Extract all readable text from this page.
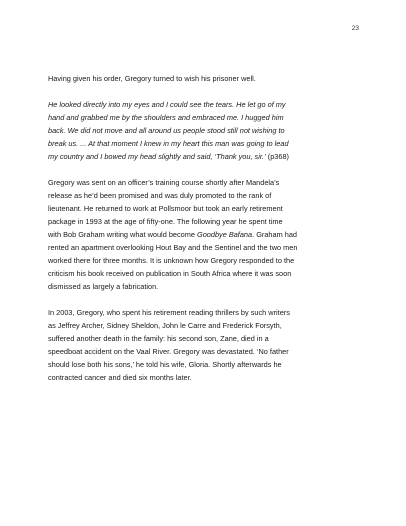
23

Having given his order, Gregory turned to wish his prisoner well.

He looked directly into my eyes and I could see the tears. He let go of my
hand and grabbed me by the shoulders and embraced me. I hugged him
back. We did not move and all around us people stood still not wishing to
break us. ... At that moment I knew in my heart this man was going to lead
my country and I bowed my head slightly and said, ‘Thank you, sir.’ (p368)

Gregory was sent on an officer’s training course shortly after Mandela’s
release as he’d been promised and was duly promoted to the rank of
lieutenant. He returned to work at Pollsmoor but took an early retirement
package in 1993 at the age of fifty-one. The following year he spent time
with Bob Graham writing what would become Goodbye Bafana. Graham had
rented an apartment overlooking Hout Bay and the Sentinel and the two men
worked there for three months. It is unknown how Gregory responded to the
criticism his book received on publication in South Africa where it was soon
dismissed as largely a fabrication.

In 2003, Gregory, who spent his retirement reading thrillers by such writers
as Jeffrey Archer, Sidney Sheldon, John le Carre and Frederick Forsyth,
suffered another death in the family: his second son, Zane, died in a
speedboat accident on the Vaal River. Gregory was devastated. ‘No father
should lose both his sons,’ he told his wife, Gloria. Shortly afterwards he
contracted cancer and died six months later.
